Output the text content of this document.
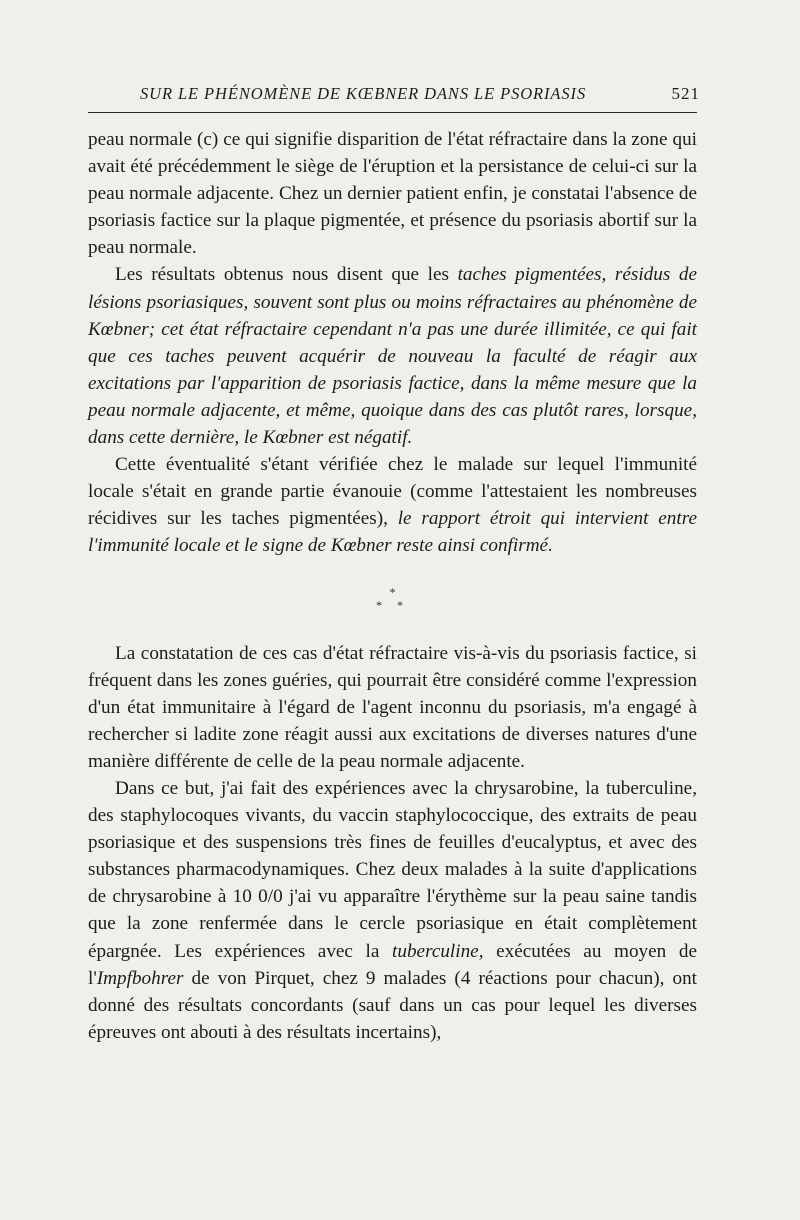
SUR LE PHÉNOMÈNE DE KŒBNER DANS LE PSORIASIS	521

peau normale (c) ce qui signifie disparition de l'état réfractaire dans la zone qui avait été précédemment le siège de l'éruption et la persistance de celui-ci sur la peau normale adjacente. Chez un dernier patient enfin, je constatai l'absence de psoriasis factice sur la plaque pigmentée, et présence du psoriasis abortif sur la peau normale.

Les résultats obtenus nous disent que les taches pigmentées, résidus de lésions psoriasiques, souvent sont plus ou moins réfractaires au phénomène de Kœbner; cet état réfractaire cependant n'a pas une durée illimitée, ce qui fait que ces taches peuvent acquérir de nouveau la faculté de réagir aux excitations par l'apparition de psoriasis factice, dans la même mesure que la peau normale adjacente, et même, quoique dans des cas plutôt rares, lorsque, dans cette dernière, le Kœbner est négatif.

Cette éventualité s'étant vérifiée chez le malade sur lequel l'immunité locale s'était en grande partie évanouie (comme l'attestaient les nombreuses récidives sur les taches pigmentées), le rapport étroit qui intervient entre l'immunité locale et le signe de Kœbner reste ainsi confirmé.

*
* *

La constatation de ces cas d'état réfractaire vis-à-vis du psoriasis factice, si fréquent dans les zones guéries, qui pourrait être considéré comme l'expression d'un état immunitaire à l'égard de l'agent inconnu du psoriasis, m'a engagé à rechercher si ladite zone réagit aussi aux excitations de diverses natures d'une manière différente de celle de la peau normale adjacente.

Dans ce but, j'ai fait des expériences avec la chrysarobine, la tuberculine, des staphylocoques vivants, du vaccin staphylococcique, des extraits de peau psoriasique et des suspensions très fines de feuilles d'eucalyptus, et avec des substances pharmacodynamiques. Chez deux malades à la suite d'applications de chrysarobine à 10 0/0 j'ai vu apparaître l'érythème sur la peau saine tandis que la zone renfermée dans le cercle psoriasique en était complètement épargnée. Les expériences avec la tuberculine, exécutées au moyen de l'Impfbohrer de von Pirquet, chez 9 malades (4 réactions pour chacun), ont donné des résultats concordants (sauf dans un cas pour lequel les diverses épreuves ont abouti à des résultats incertains),
